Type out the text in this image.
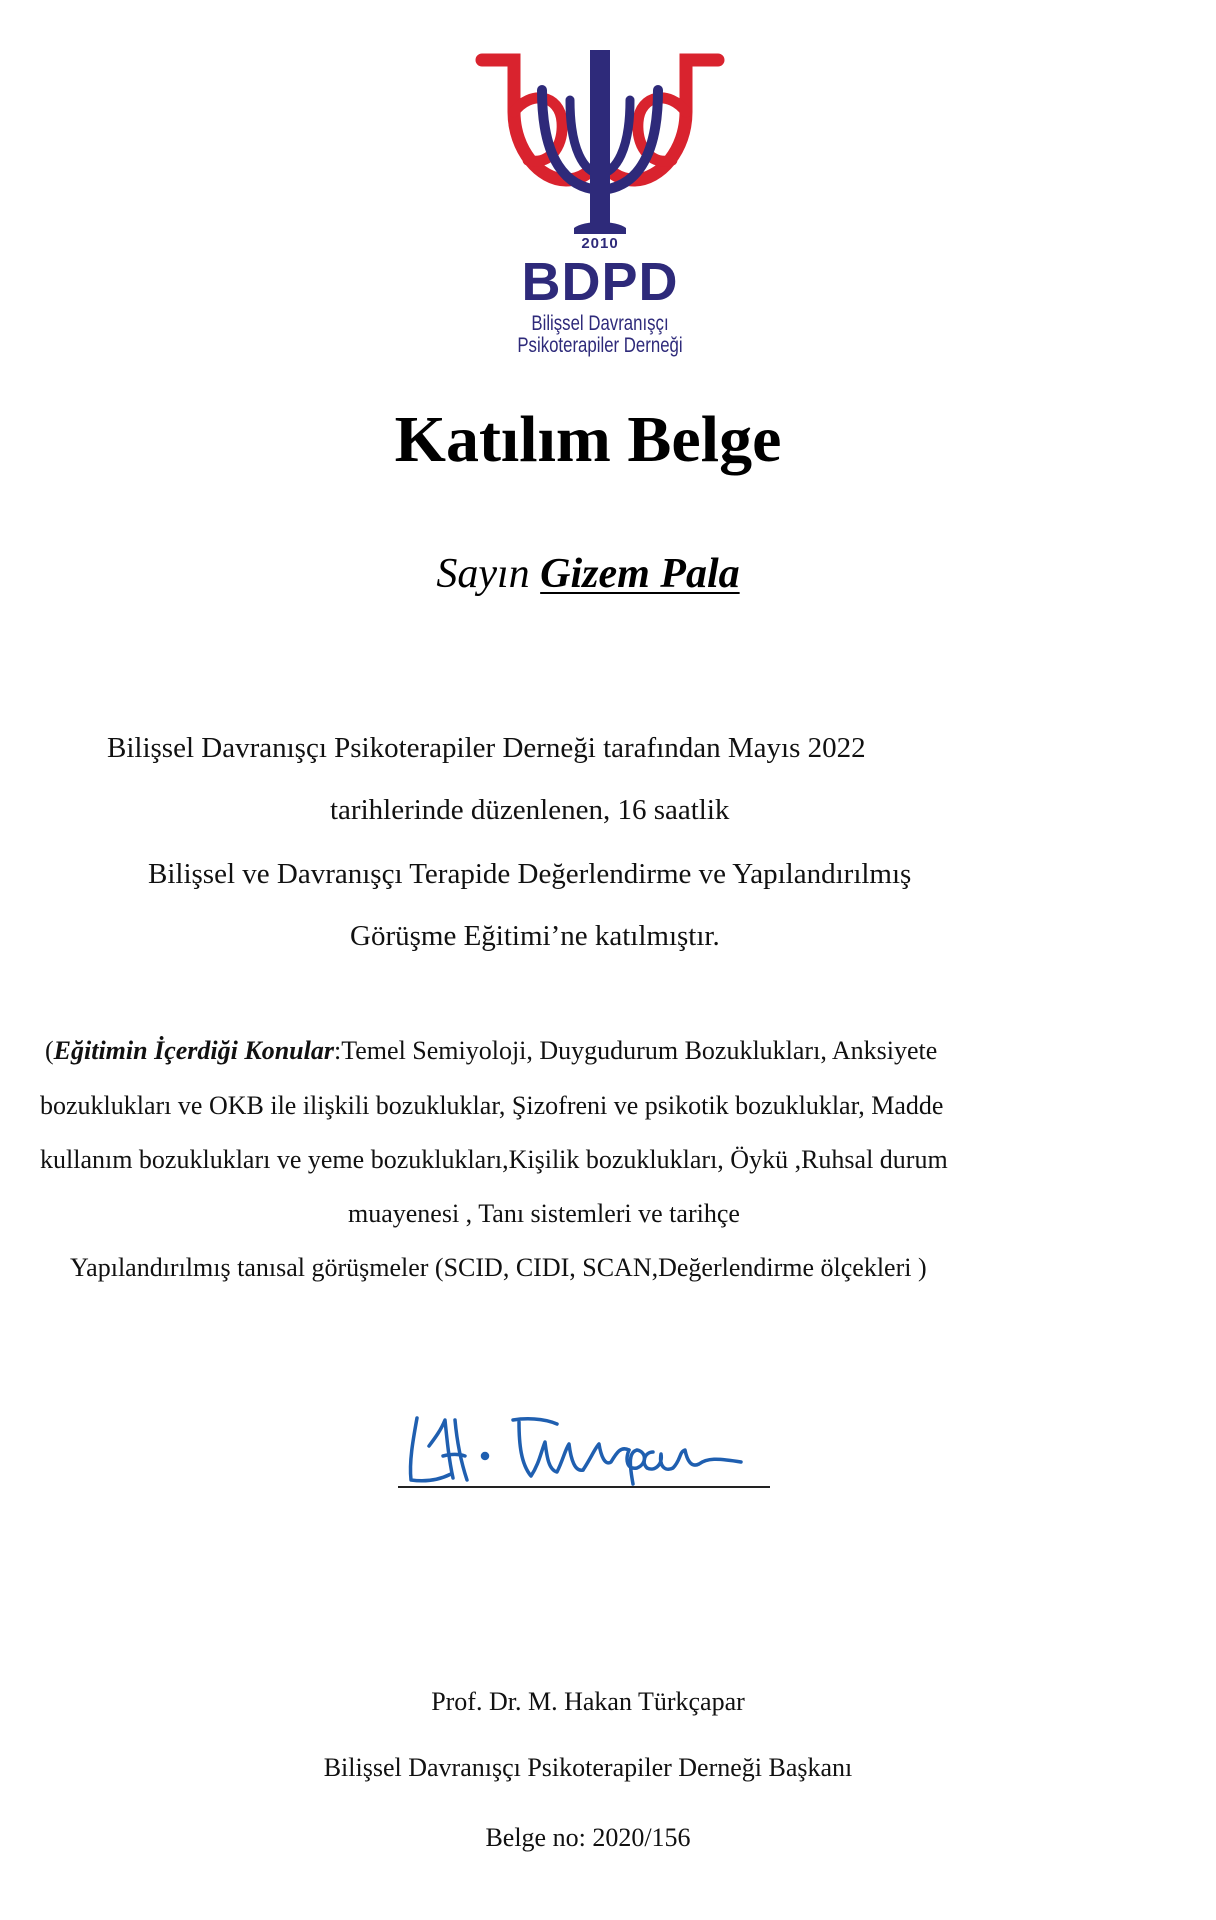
2010
BDPD
Bilişsel Davranışçı
Psikoterapiler Derneği
Katılım Belge
Sayın Gizem Pala
Bilişsel Davranışçı Psikoterapiler Derneği tarafından Mayıs 2022
tarihlerinde düzenlenen, 16 saatlik
Bilişsel ve Davranışçı Terapide Değerlendirme ve Yapılandırılmış
Görüşme Eğitimi’ne katılmıştır.
(Eğitimin İçerdiği Konular:Temel Semiyoloji, Duygudurum Bozuklukları, Anksiyete
bozuklukları ve OKB ile ilişkili bozukluklar, Şizofreni ve psikotik bozukluklar, Madde
kullanım bozuklukları ve yeme bozuklukları,Kişilik bozuklukları, Öykü ,Ruhsal durum
muayenesi , Tanı sistemleri ve tarihçe
Yapılandırılmış tanısal görüşmeler (SCID, CIDI, SCAN,Değerlendirme ölçekleri )
Prof. Dr. M. Hakan Türkçapar
Bilişsel Davranışçı Psikoterapiler Derneği Başkanı
Belge no: 2020/156
